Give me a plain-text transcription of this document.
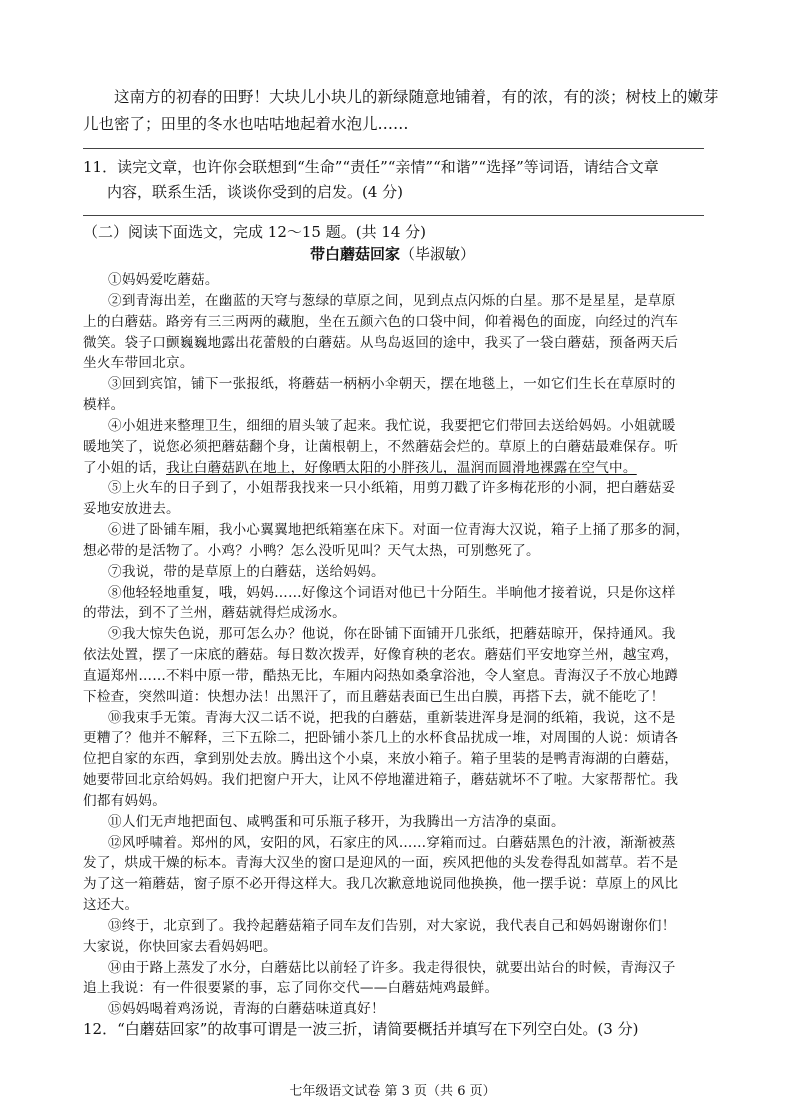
这南方的初春的田野！大块儿小块儿的新绿随意地铺着，有的浓，有的淡；树枝上的嫩芽
儿也密了；田里的冬水也咕咕地起着水泡儿……
11．读完文章，也许你会联想到“生命”“责任”“亲情”“和谐”“选择”等词语，请结合文章
内容，联系生活，谈谈你受到的启发。(4 分)
（二）阅读下面选文，完成 12～15 题。(共 14 分)
带白蘑菇回家（毕淑敏）
七年级语文试卷 第 3 页（共 6 页）
①妈妈爱吃蘑菇。
②到青海出差，在幽蓝的天穹与葱绿的草原之间，见到点点闪烁的白星。那不是星星，是草原
上的白蘑菇。路旁有三三两两的藏胞，坐在五颜六色的口袋中间，仰着褐色的面庞，向经过的汽车
微笑。袋子口颤巍巍地露出花蕾般的白蘑菇。从鸟岛返回的途中，我买了一袋白蘑菇，预备两天后
坐火车带回北京。
③回到宾馆，铺下一张报纸，将蘑菇一柄柄小伞朝天，摆在地毯上，一如它们生长在草原时的
模样。
④小姐进来整理卫生，细细的眉头皱了起来。我忙说，我要把它们带回去送给妈妈。小姐就暖
暖地笑了，说您必须把蘑菇翻个身，让菌根朝上，不然蘑菇会烂的。草原上的白蘑菇最难保存。听
了小姐的话，我让白蘑菇趴在地上，好像晒太阳的小胖孩儿，温润而圆滑地裸露在空气中。
⑤上火车的日子到了，小姐帮我找来一只小纸箱，用剪刀戳了许多梅花形的小洞，把白蘑菇妥
妥地安放进去。
⑥进了卧铺车厢，我小心翼翼地把纸箱塞在床下。对面一位青海大汉说，箱子上捅了那多的洞，
想必带的是活物了。小鸡？小鸭？怎么没听见叫？天气太热，可别憋死了。
⑦我说，带的是草原上的白蘑菇，送给妈妈。
⑧他轻轻地重复，哦，妈妈……好像这个词语对他已十分陌生。半晌他才接着说，只是你这样
的带法，到不了兰州，蘑菇就得烂成汤水。
⑨我大惊失色说，那可怎么办？他说，你在卧铺下面铺开几张纸，把蘑菇晾开，保持通风。我
依法处置，摆了一床底的蘑菇。每日数次拨弄，好像育秧的老农。蘑菇们平安地穿兰州，越宝鸡，
直逼郑州……不料中原一带，酷热无比，车厢内闷热如桑拿浴池，令人窒息。青海汉子不放心地蹲
下检查，突然叫道：快想办法！出黑汗了，而且蘑菇表面已生出白膜，再搭下去，就不能吃了！
⑩我束手无策。青海大汉二话不说，把我的白蘑菇，重新装进浑身是洞的纸箱，我说，这不是
更糟了？他并不解释，三下五除二，把卧铺小茶几上的水杯食品扰成一堆，对周围的人说：烦请各
位把自家的东西，拿到别处去放。腾出这个小桌，来放小箱子。箱子里装的是鸭青海湖的白蘑菇，
她要带回北京给妈妈。我们把窗户开大，让风不停地灌进箱子，蘑菇就坏不了啦。大家帮帮忙。我
们都有妈妈。
⑪人们无声地把面包、咸鸭蛋和可乐瓶子移开，为我腾出一方洁净的桌面。
⑫风呼啸着。郑州的风，安阳的风，石家庄的风……穿箱而过。白蘑菇黑色的汁液，渐渐被蒸
发了，烘成干燥的标本。青海大汉坐的窗口是迎风的一面，疾风把他的头发卷得乱如蒿草。若不是
为了这一箱蘑菇，窗子原不必开得这样大。我几次歉意地说同他换换，他一摆手说：草原上的风比
这还大。
⑬终于，北京到了。我拎起蘑菇箱子同车友们告别，对大家说，我代表自己和妈妈谢谢你们！
大家说，你快回家去看妈妈吧。
⑭由于路上蒸发了水分，白蘑菇比以前轻了许多。我走得很快，就要出站台的时候，青海汉子
追上我说：有一件很要紧的事，忘了同你交代——白蘑菇炖鸡最鲜。
⑮妈妈喝着鸡汤说，青海的白蘑菇味道真好！
12．“白蘑菇回家”的故事可谓是一波三折，请简要概括并填写在下列空白处。(3 分)
